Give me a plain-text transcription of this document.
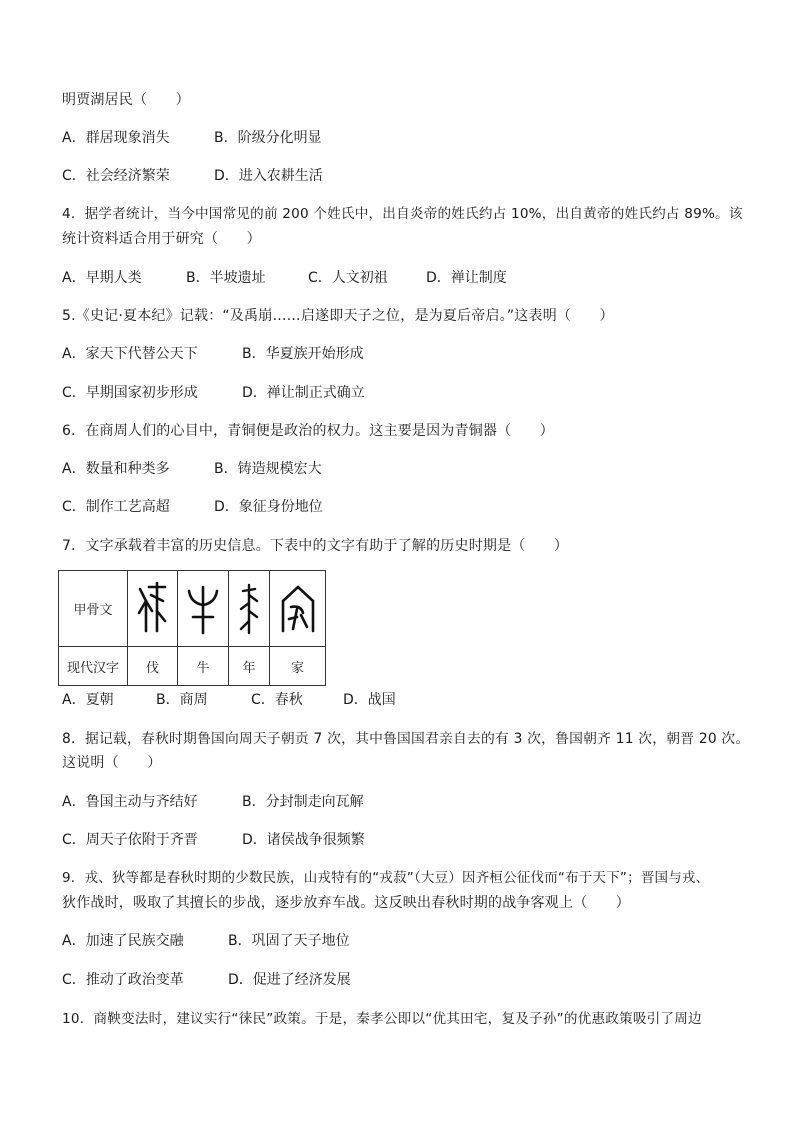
明贾湖居民（　　）
A．群居现象消失	B．阶级分化明显
C．社会经济繁荣	D．进入农耕生活
4．据学者统计，当今中国常见的前 200 个姓氏中，出自炎帝的姓氏约占 10%，出自黄帝的姓氏约占 89%。该
统计资料适合用于研究（　　）
A．早期人类	B．半坡遗址	C．人文初祖	D．禅让制度
5.《史记·夏本纪》记载：“及禹崩……启遂即天子之位，是为夏后帝启。”这表明（　　）
A．家天下代替公天下	B．华夏族开始形成
C．早期国家初步形成	D．禅让制正式确立
6．在商周人们的心目中，青铜便是政治的权力。这主要是因为青铜器（　　）
A．数量和种类多	B．铸造规模宏大
C．制作工艺高超	D．象征身份地位
7．文字承载着丰富的历史信息。下表中的文字有助于了解的历史时期是（　　）
甲骨文	

现代汉字	伐	牛	年	家
A．夏朝	B．商周	C．春秋	D．战国
8．据记载，春秋时期鲁国向周天子朝贡 7 次，其中鲁国国君亲自去的有 3 次，鲁国朝齐 11 次，朝晋 20 次。
这说明（　　）
A．鲁国主动与齐结好	B．分封制走向瓦解
C．周天子依附于齐晋	D．诸侯战争很频繁
9．戎、狄等都是春秋时期的少数民族，山戎特有的“戎菽”（大豆）因齐桓公征伐而“布于天下”；晋国与戎、
狄作战时，吸取了其擅长的步战，逐步放弃车战。这反映出春秋时期的战争客观上（　　）
A．加速了民族交融	B．巩固了天子地位
C．推动了政治变革	D．促进了经济发展
10．商鞅变法时，建议实行“徕民”政策。于是，秦孝公即以“优其田宅，复及子孙”的优惠政策吸引了周边
